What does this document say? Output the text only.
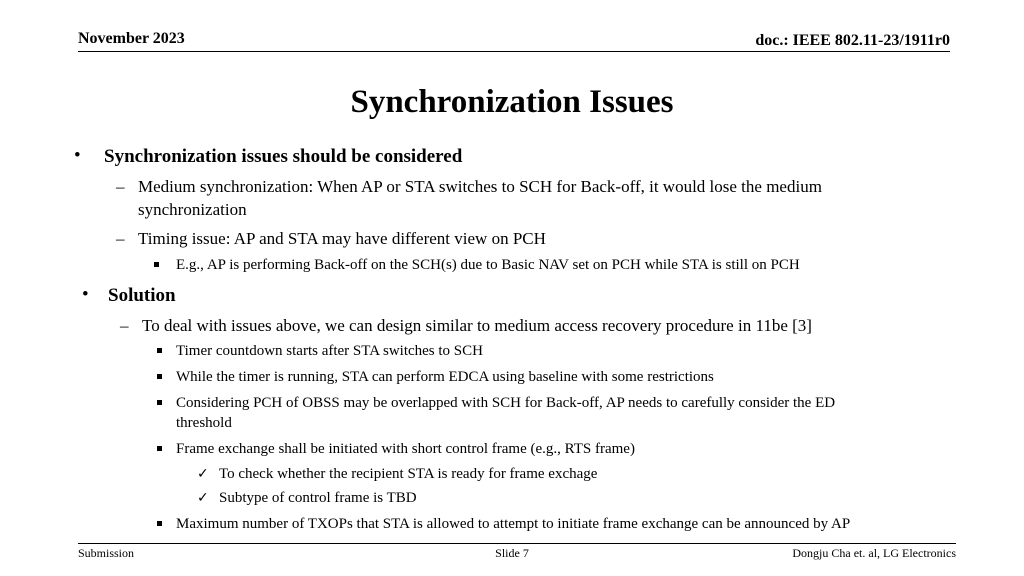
November 2023	doc.: IEEE 802.11-23/1911r0
Synchronization Issues
• Synchronization issues should be considered
– Medium synchronization: When AP or STA switches to SCH for Back-off, it would lose the medium
synchronization
– Timing issue: AP and STA may have different view on PCH
E.g., AP is performing Back-off on the SCH(s) due to Basic NAV set on PCH while STA is still on PCH
• Solution
– To deal with issues above, we can design similar to medium access recovery procedure in 11be [3]
Timer countdown starts after STA switches to SCH
While the timer is running, STA can perform EDCA using baseline with some restrictions
Considering PCH of OBSS may be overlapped with SCH for Back-off, AP needs to carefully consider the ED
threshold
Frame exchange shall be initiated with short control frame (e.g., RTS frame)
✓ To check whether the recipient STA is ready for frame exchage
✓ Subtype of control frame is TBD
Maximum number of TXOPs that STA is allowed to attempt to initiate frame exchange can be announced by AP
Submission	Slide 7	Dongju Cha et. al, LG Electronics
